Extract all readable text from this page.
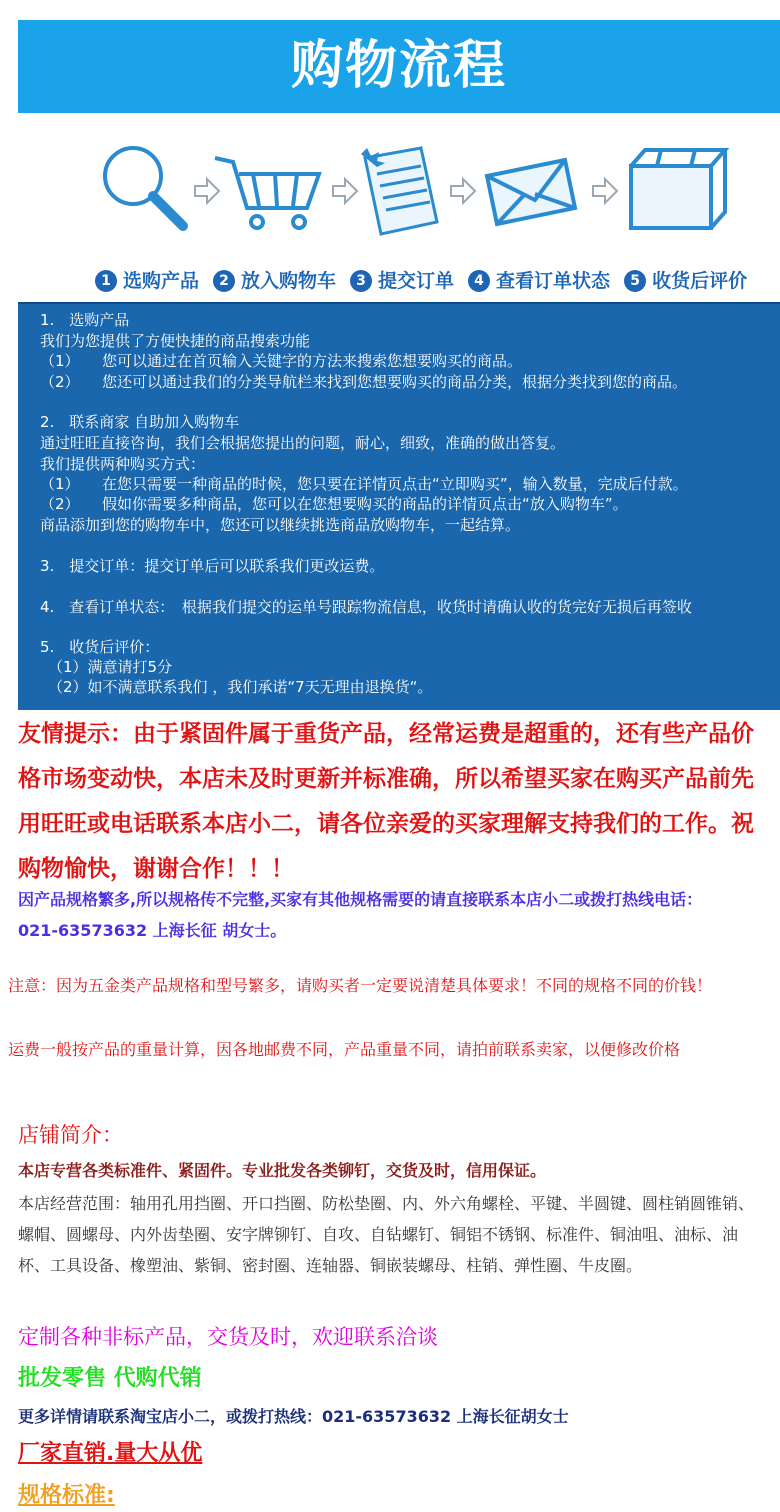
购物流程
1 选购产品 2 放入购物车 3 提交订单 4 查看订单状态 5 收货后评价
1.　选购产品
我们为您提供了方便快捷的商品搜索功能
（1）　　您可以通过在首页输入关键字的方法来搜索您想要购买的商品。
（2）　　您还可以通过我们的分类导航栏来找到您想要购买的商品分类，根据分类找到您的商品。
2.　联系商家 自助加入购物车
通过旺旺直接咨询，我们会根据您提出的问题，耐心，细致，准确的做出答复。
我们提供两种购买方式：
（1）　　在您只需要一种商品的时候，您只要在详情页点击“立即购买”，输入数量，完成后付款。
（2）　　假如你需要多种商品，您可以在您想要购买的商品的详情页点击“放入购物车”。
商品添加到您的购物车中，您还可以继续挑选商品放购物车，一起结算。
3.　提交订单：提交订单后可以联系我们更改运费。
4.　查看订单状态：　根据我们提交的运单号跟踪物流信息，收货时请确认收的货完好无损后再签收
5.　收货后评价：
（1）满意请打5分
（2）如不满意联系我们 ，我们承诺“7天无理由退换货“。
友情提示：由于紧固件属于重货产品，经常运费是超重的，还有些产品价
格市场变动快，本店未及时更新并标准确，所以希望买家在购买产品前先
用旺旺或电话联系本店小二，请各位亲爱的买家理解支持我们的工作。祝
购物愉快，谢谢合作！！！
因产品规格繁多,所以规格传不完整,买家有其他规格需要的请直接联系本店小二或拨打热线电话：
021-63573632 上海长征 胡女士。
注意：因为五金类产品规格和型号繁多，请购买者一定要说清楚具体要求！不同的规格不同的价钱！
运费一般按产品的重量计算，因各地邮费不同，产品重量不同，请拍前联系卖家，以便修改价格
店铺简介：
本店专营各类标准件、紧固件。专业批发各类铆钉，交货及时，信用保证。
本店经营范围：轴用孔用挡圈、开口挡圈、防松垫圈、内、外六角螺栓、平键、半圆键、圆柱销圆锥销、螺帽、圆螺母、内外齿垫圈、安字牌铆钉、自攻、自钻螺钉、铜铝不锈钢、标准件、铜油咀、油标、油杯、工具设备、橡塑油、紫铜、密封圈、连轴器、铜嵌装螺母、柱销、弹性圈、牛皮圈。
定制各种非标产品，交货及时，欢迎联系洽谈
批发零售 代购代销
更多详情请联系淘宝店小二，或拨打热线：021-63573632 上海长征胡女士
厂家直销.量大从优
规格标准:
